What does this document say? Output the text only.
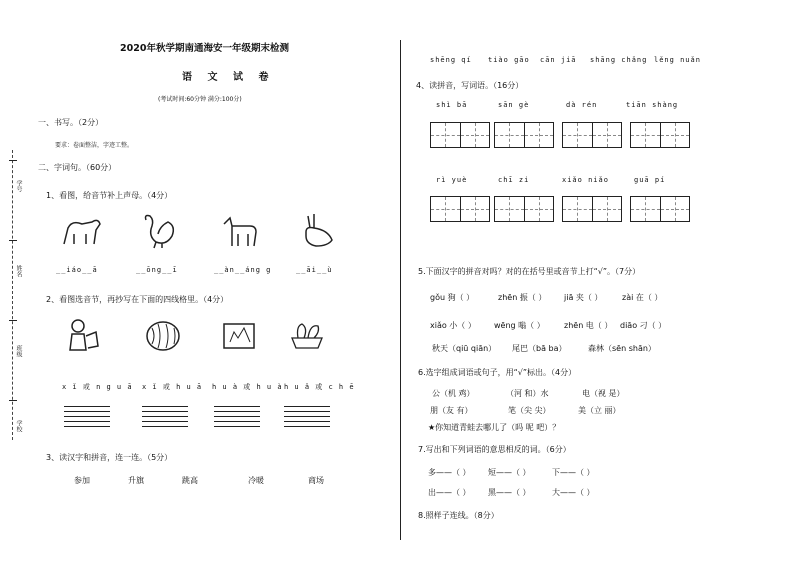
学号
姓名
班级
学校
2020年秋学期南通海安一年级期末检测
语 文 试 卷
(考试时间:60分钟 满分:100分)
一、书写。（2分）
要求：卷面整洁，字迹工整。
二、字词句。（60分）
1、看图，给音节补上声母。（4分）
__iáo__ā	__ōng__ī	__àn__áng g	__āi__ù
2、看图选音节，再抄写在下面的四线格里。（4分）
x ǐ 或 n g u ā x ǐ 或 h u ā h u à 或 h u à h u ǎ 或 c h ē
3、读汉字和拼音，连一连。（5分）
参加	升旗	跳高	冷暖	商场
shēng qí tiào gāo cān jiā shāng chǎng lěng nuǎn
4、读拼音，写词语。（16分）
shì bā	sān gè	dà rén	tiān shàng
rì yuè	chī zi	xiǎo niǎo	guā pí
5.下面汉字的拼音对吗？对的在括号里或音节上打“√”。（7分）
gǒu 狗（ ）	zhēn 振（ ） jiā 夹（ ） zài 在（ ）
xiǎo 小（ ） wēng 嗡（ ） zhēn 电（ ） diāo 刁（ ）
秋天（qiū qiān） 尾巴（bā ba）	森林（sēn shān）
6.选字组成词语或句子，用“√”标出。（4分）
公（机 鸡）	（河 和）水	电（视 是）
朋（友 有）	笔（尖 尖）	美（立 丽）
★你知道青蛙去哪儿了（吗 呢 吧）？
7.写出和下列词语的意思相反的词。（6分）
多——（ ） 短——（ ）	下——（ ）
出——（ ） 黑——（ ）	大——（ ）
8.照样子连线。（8分）
